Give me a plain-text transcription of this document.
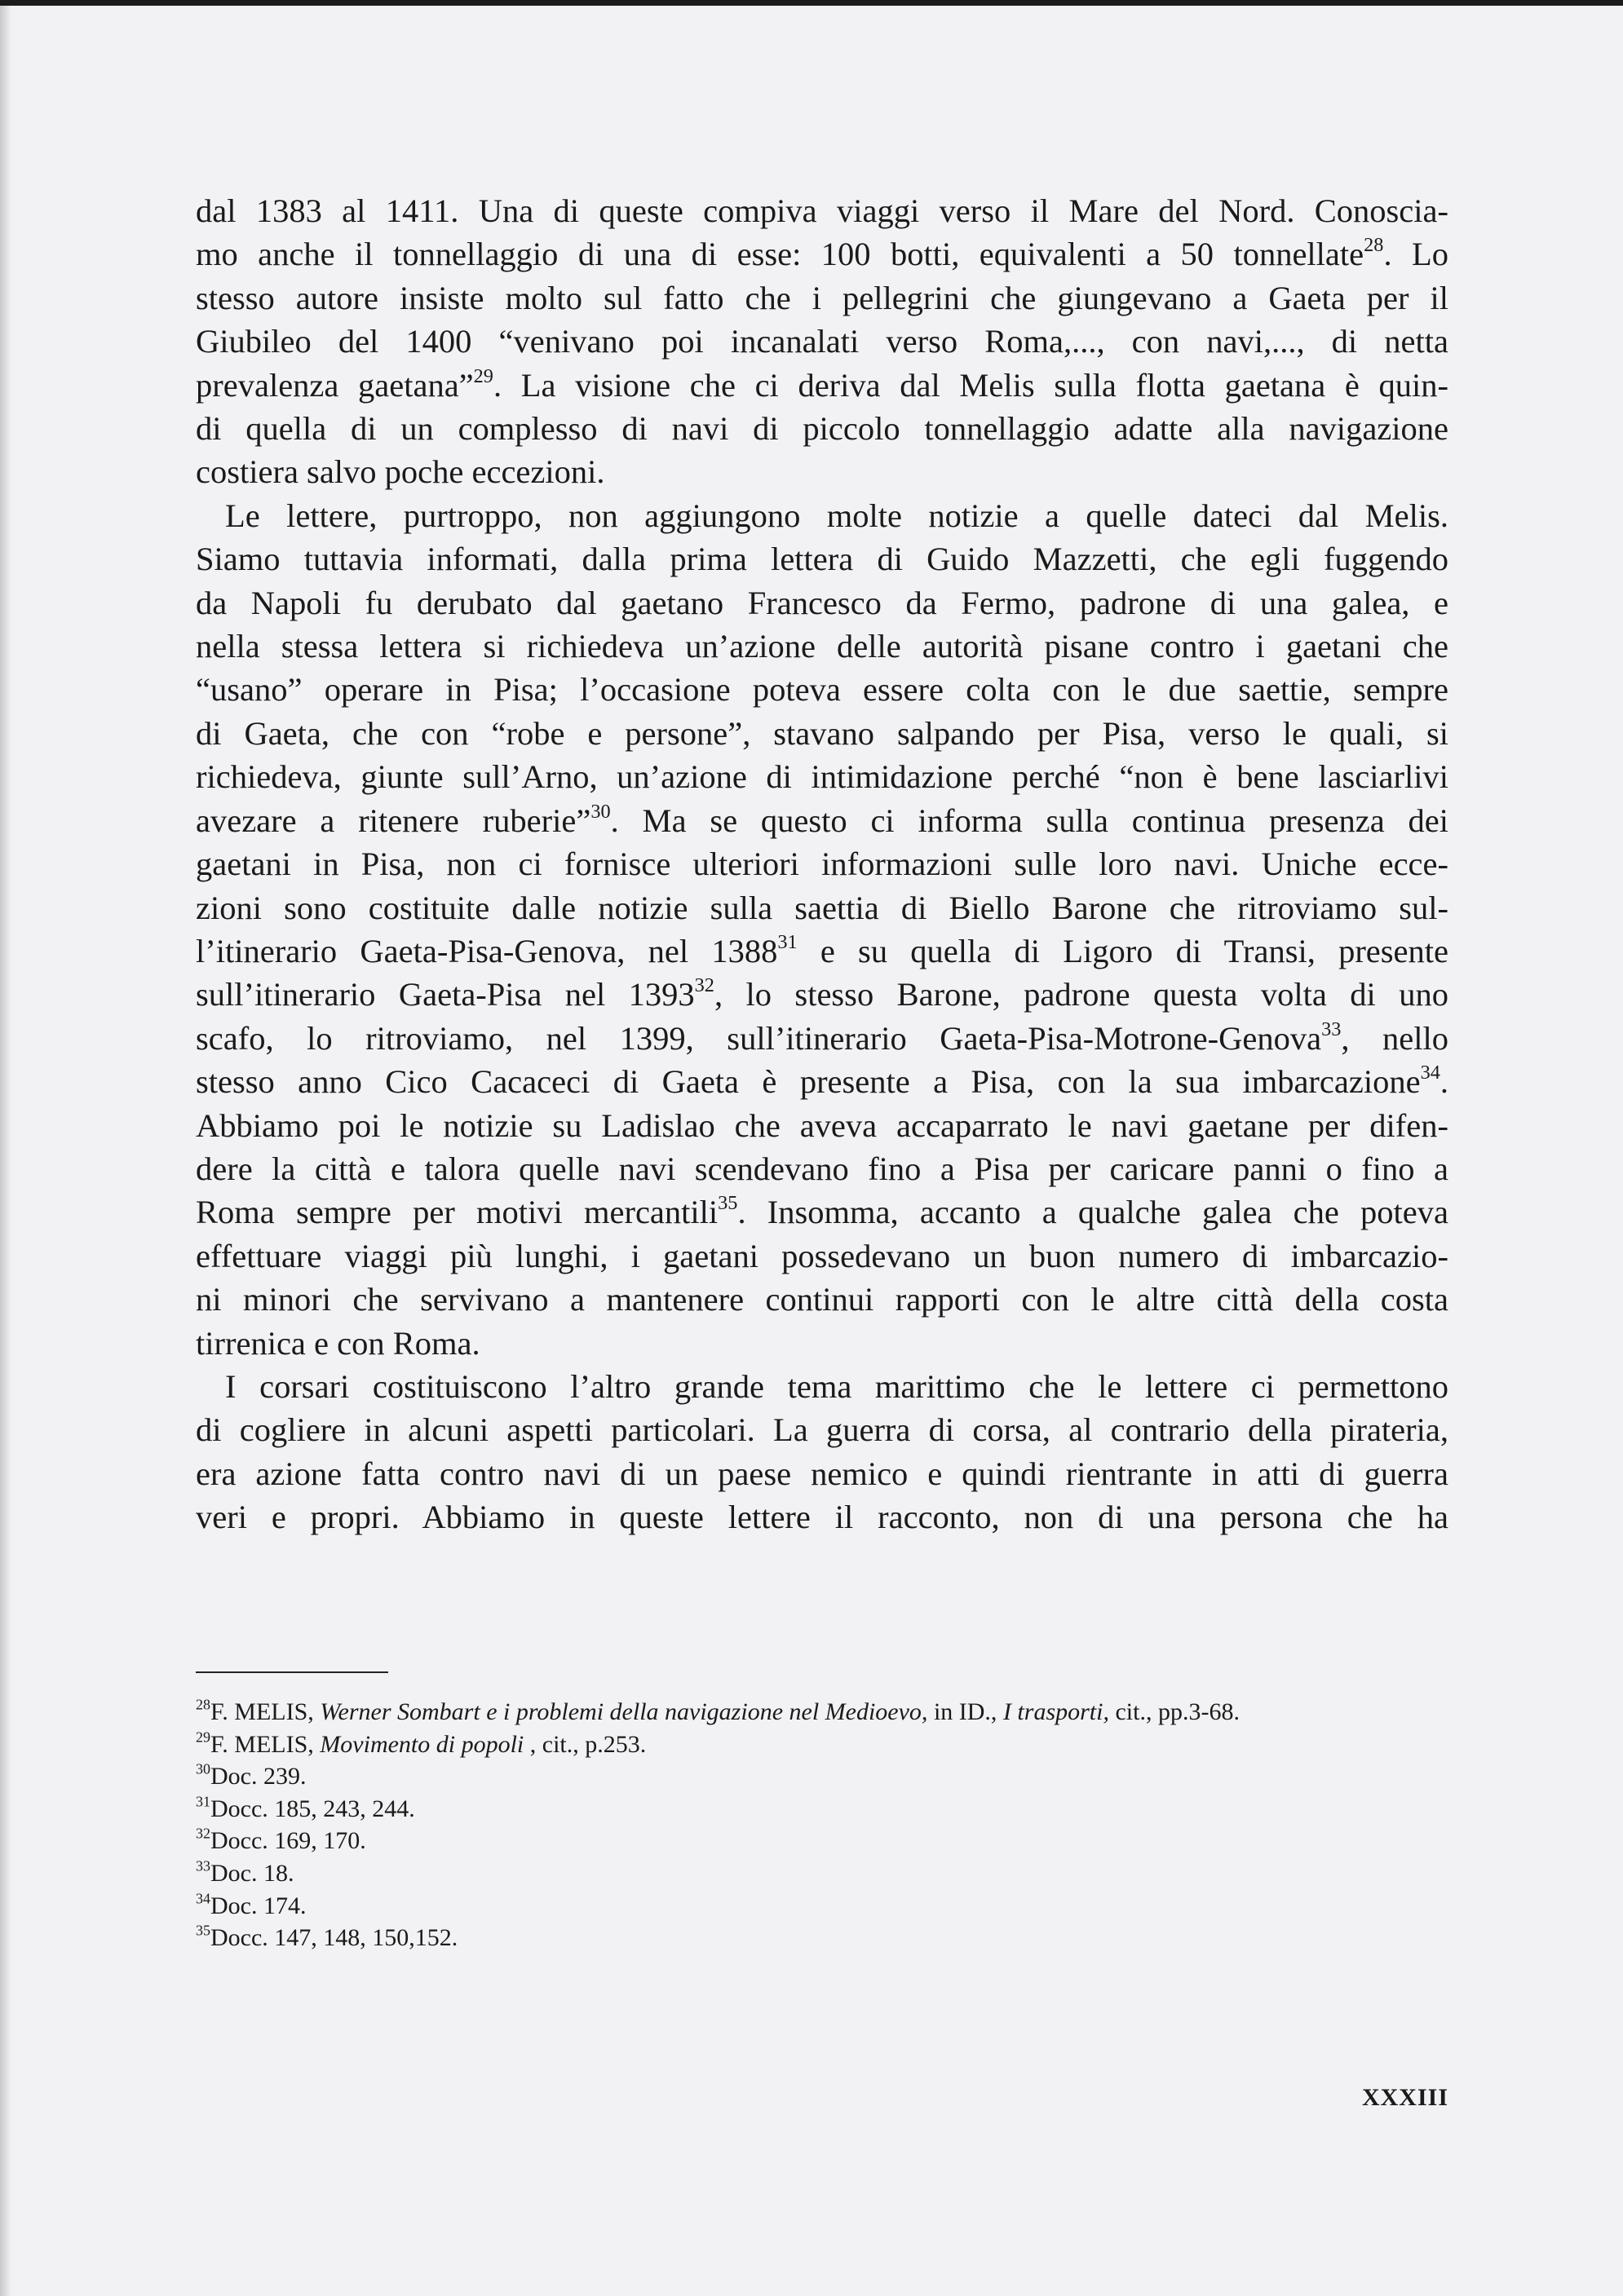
dal 1383 al 1411. Una di queste compiva viaggi verso il Mare del Nord. Conoscia-
mo anche il tonnellaggio di una di esse: 100 botti, equivalenti a 50 tonnellate$^{28}$. Lo
stesso autore insiste molto sul fatto che i pellegrini che giungevano a Gaeta per il
Giubileo del 1400 “venivano poi incanalati verso Roma,..., con navi,..., di netta
prevalenza gaetana”$^{29}$. La visione che ci deriva dal Melis sulla flotta gaetana è quin-
di quella di un complesso di navi di piccolo tonnellaggio adatte alla navigazione
costiera salvo poche eccezioni.
Le lettere, purtroppo, non aggiungono molte notizie a quelle dateci dal Melis.
Siamo tuttavia informati, dalla prima lettera di Guido Mazzetti, che egli fuggendo
da Napoli fu derubato dal gaetano Francesco da Fermo, padrone di una galea, e
nella stessa lettera si richiedeva un’azione delle autorità pisane contro i gaetani che
“usano” operare in Pisa; l’occasione poteva essere colta con le due saettie, sempre
di Gaeta, che con “robe e persone”, stavano salpando per Pisa, verso le quali, si
richiedeva, giunte sull’Arno, un’azione di intimidazione perché “non è bene lasciarlivi
avezare a ritenere ruberie”$^{30}$. Ma se questo ci informa sulla continua presenza dei
gaetani in Pisa, non ci fornisce ulteriori informazioni sulle loro navi. Uniche ecce-
zioni sono costituite dalle notizie sulla saettia di Biello Barone che ritroviamo sul-
l’itinerario Gaeta-Pisa-Genova, nel 1388$^{31}$ e su quella di Ligoro di Transi, presente
sull’itinerario Gaeta-Pisa nel 1393$^{32}$, lo stesso Barone, padrone questa volta di uno
scafo, lo ritroviamo, nel 1399, sull’itinerario Gaeta-Pisa-Motrone-Genova$^{33}$, nello
stesso anno Cico Cacaceci di Gaeta è presente a Pisa, con la sua imbarcazione$^{34}$.
Abbiamo poi le notizie su Ladislao che aveva accaparrato le navi gaetane per difen-
dere la città e talora quelle navi scendevano fino a Pisa per caricare panni o fino a
Roma sempre per motivi mercantili$^{35}$. Insomma, accanto a qualche galea che poteva
effettuare viaggi più lunghi, i gaetani possedevano un buon numero di imbarcazio-
ni minori che servivano a mantenere continui rapporti con le altre città della costa
tirrenica e con Roma.
I corsari costituiscono l’altro grande tema marittimo che le lettere ci permettono
di cogliere in alcuni aspetti particolari. La guerra di corsa, al contrario della pirateria,
era azione fatta contro navi di un paese nemico e quindi rientrante in atti di guerra
veri e propri. Abbiamo in queste lettere il racconto, non di una persona che ha
$^{28}$F. MELIS, Werner Sombart e i problemi della navigazione nel Medioevo, in ID., I trasporti, cit., pp.3-68.
$^{29}$F. MELIS, Movimento di popoli , cit., p.253.
$^{30}$Doc. 239.
$^{31}$Docc. 185, 243, 244.
$^{32}$Docc. 169, 170.
$^{33}$Doc. 18.
$^{34}$Doc. 174.
$^{35}$Docc. 147, 148, 150,152.
XXXIII
